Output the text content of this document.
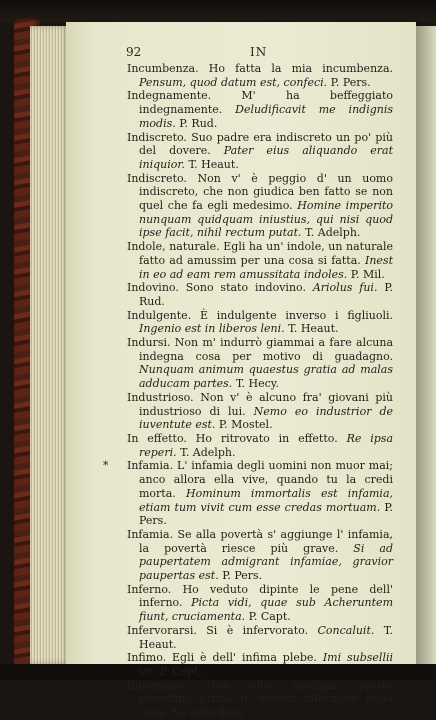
92	IN

Incumbenza. Ho fatta la mia incumbenza. Pensum, quod datum est, confeci. P. Pers.

Indegnamente.	M' ha beffeggiato indegnamente. Deludificavit me indignis modis. P. Rud.

Indiscreto. Suo padre era indiscreto un po' più del dovere. Pater eius aliquando erat iniquior. T. Heaut.

Indiscreto. Non v' è peggio d' un uomo indiscreto, che non giudica ben fatto se non quel che fa egli medesimo. Homine imperito nunquam quidquam iniustius, qui nisi quod ipse facit, nihil rectum putat. T. Adelph.

Indole, naturale. Egli ha un' indole, un naturale fatto ad amussim per una cosa si fatta. Inest in eo ad eam rem amussitata indoles. P. Mil.

Indovino. Sono stato indovino. Ariolus fui. P. Rud.

Indulgente. È indulgente inverso i figliuoli. Ingenio est in liberos leni. T. Heaut.

Indursi. Non m' indurrò giammai a fare alcuna indegna cosa per motivo di guadagno. Nunquam animum quaestus gratia ad malas adducam partes. T. Hecy.

Industrioso. Non v' è alcuno fra' giovani più industrioso di lui. Nemo eo industrior de iuventute est. P. Mostel.

In effetto. Ho ritrovato in effetto. Re ipsa reperi. T. Adelph.

* Infamia. L' infamia degli uomini non muor mai; anco allora ella vive, quando tu la credi morta. Hominum immortalis est infamia, etiam tum vivit cum esse credas mortuam. P. Pers.

Infamia. Se alla povertà s' aggiunge l' infamia, la povertà riesce più grave. Si ad paupertatem admigrant infamiae, gravior paupertas est. P. Pers.

Inferno. Ho veduto dipinte le pene dell' inferno. Picta vidi, quae sub Acheruntem fiunt, cruciamenta. P. Capt.

Infervorarsi. Si è infervorato. Concaluit. T. Heaut.

Infimo. Egli è dell' infima plebe. Imi subsellii vir. P. Capt.

Informarsi. Non voler gastigar questo meschino prima d' esserti informato della cosa. Ne ante hunc
